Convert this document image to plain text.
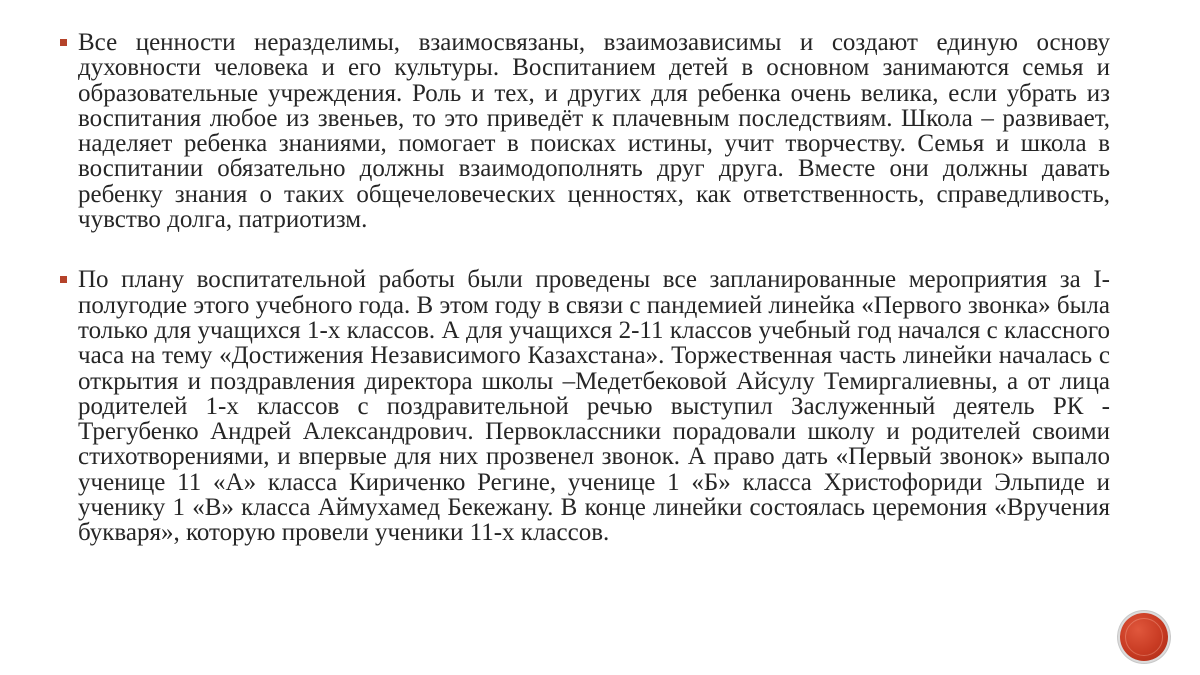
Все ценности неразделимы, взаимосвязаны, взаимозависимы и создают единую основу духовности человека и его культуры. Воспитанием детей в основном занимаются семья и образовательные учреждения. Роль и тех, и других для ребенка очень велика, если убрать из воспитания любое из звеньев, то это приведёт к плачевным последствиям. Школа – развивает, наделяет ребенка знаниями, помогает в поисках истины, учит творчеству. Семья и школа в воспитании обязательно должны взаимодополнять друг друга. Вместе они должны давать ребенку знания о таких общечеловеческих ценностях, как ответственность, справедливость, чувство долга, патриотизм.
По плану воспитательной работы были проведены все запланированные мероприятия за I-полугодие этого учебного года. В этом году в связи с пандемией линейка «Первого звонка» была только для учащихся 1-х классов. А для учащихся 2-11 классов учебный год начался с классного часа на тему «Достижения Независимого Казахстана». Торжественная часть линейки началась с открытия и поздравления директора школы –Медетбековой Айсулу Темиргалиевны, а от лица родителей 1-х классов с поздравительной речью выступил Заслуженный деятель РК - Трегубенко Андрей Александрович. Первоклассники порадовали школу и родителей своими стихотворениями, и впервые для них прозвенел звонок. А право дать «Первый звонок» выпало ученице 11 «А» класса Кириченко Регине, ученице 1 «Б» класса Христофориди Эльпиде и ученику 1 «В» класса Аймухамед Бекежану. В конце линейки состоялась церемония «Вручения букваря», которую провели ученики 11-х классов.
